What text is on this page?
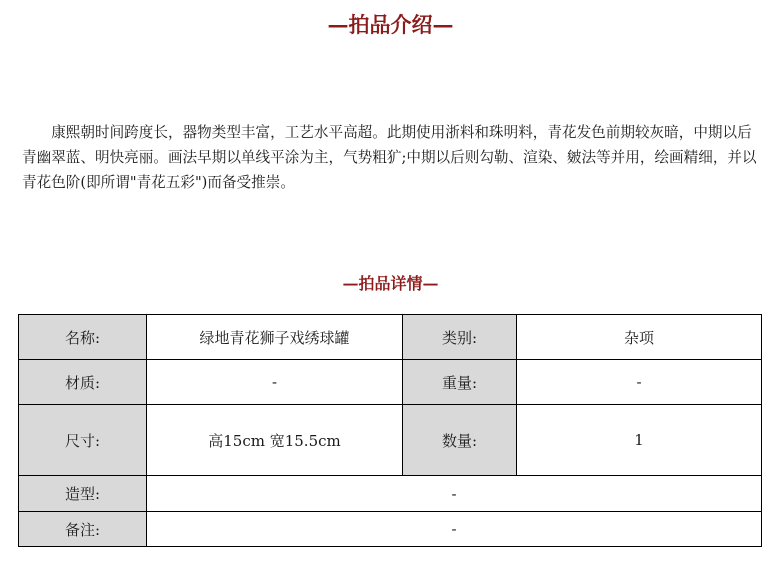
—拍品介绍—

康熙朝时间跨度长，器物类型丰富，工艺水平高超。此期使用浙料和珠明料，青花发色前期较灰暗，中期以后青幽翠蓝、明快亮丽。画法早期以单线平涂为主，气势粗犷;中期以后则勾勒、渲染、皴法等并用，绘画精细，并以青花色阶(即所谓"青花五彩")而备受推崇。

—拍品详情—
名称:	绿地青花狮子戏绣球罐	类别:	杂项
材质:	-	重量:	-
尺寸:	高15cm 宽15.5cm	数量:	1
造型:	-		
备注:	-		
